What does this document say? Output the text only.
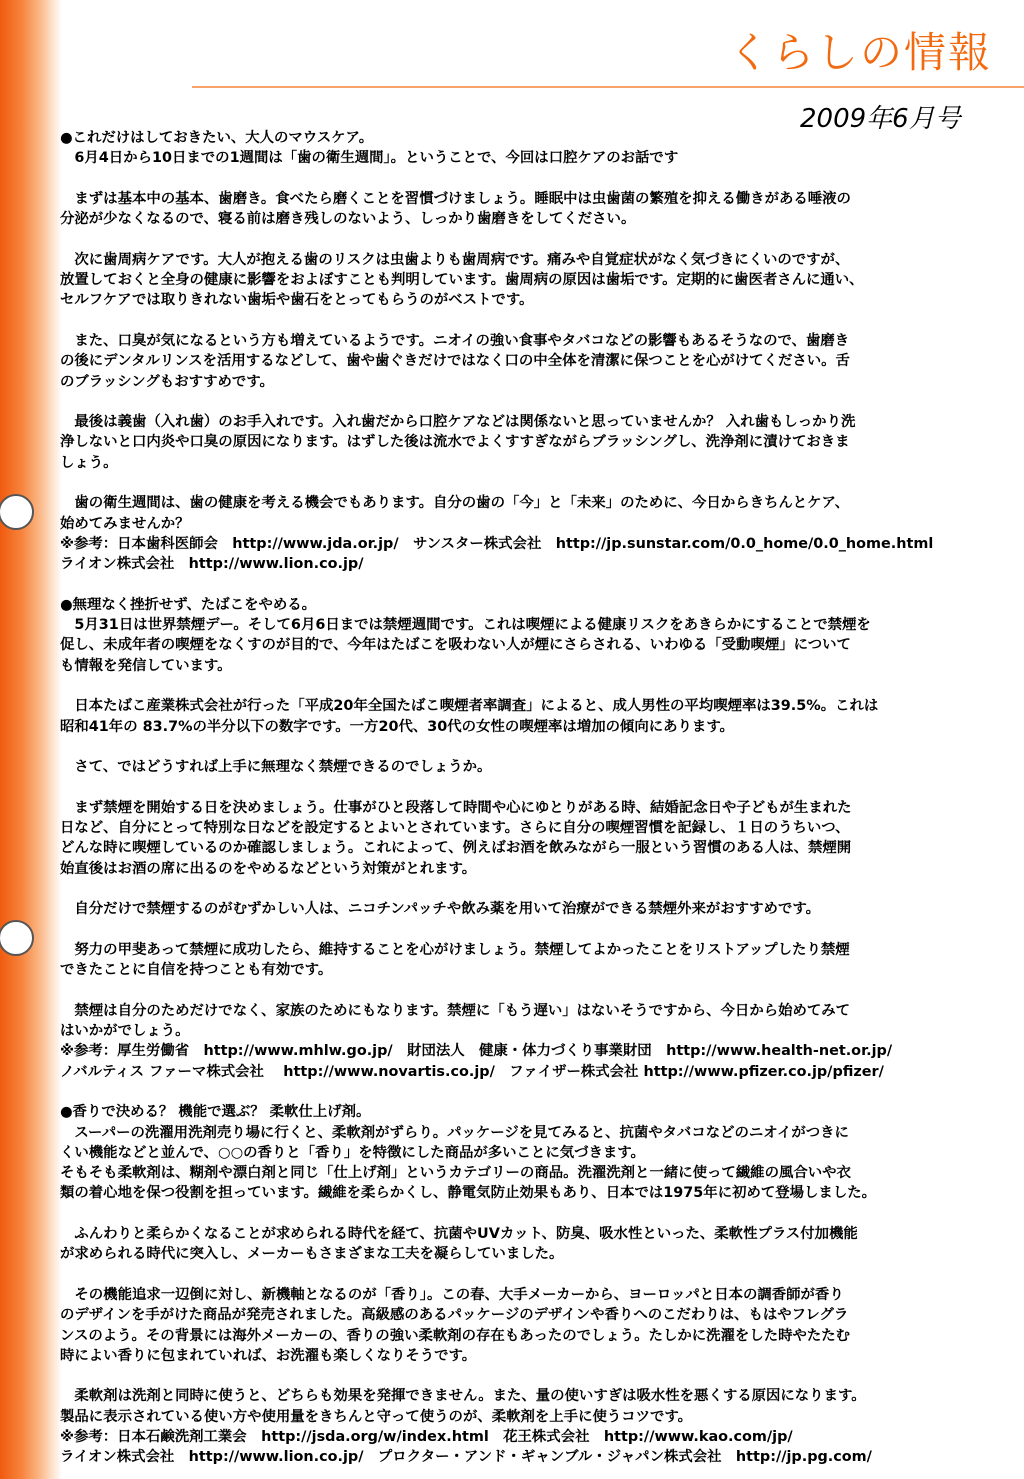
くらしの情報
2009年6月号

●これだけはしておきたい、大人のマウスケア。

　6月4日から10日までの1週間は「歯の衛生週間」。ということで、今回は口腔ケアのお話です

　まずは基本中の基本、歯磨き。食べたら磨くことを習慣づけましょう。睡眠中は虫歯菌の繁殖を抑える働きがある唾液の

分泌が少なくなるので、寝る前は磨き残しのないよう、しっかり歯磨きをしてください。

　次に歯周病ケアです。大人が抱える歯のリスクは虫歯よりも歯周病です。痛みや自覚症状がなく気づきにくいのですが、

放置しておくと全身の健康に影響をおよぼすことも判明しています。歯周病の原因は歯垢です。定期的に歯医者さんに通い、

セルフケアでは取りきれない歯垢や歯石をとってもらうのがベストです。

　また、口臭が気になるという方も増えているようです。ニオイの強い食事やタバコなどの影響もあるそうなので、歯磨き

の後にデンタルリンスを活用するなどして、歯や歯ぐきだけではなく口の中全体を清潔に保つことを心がけてください。舌

のブラッシングもおすすめです。

　最後は義歯（入れ歯）のお手入れです。入れ歯だから口腔ケアなどは関係ないと思っていませんか？ 入れ歯もしっかり洗

浄しないと口内炎や口臭の原因になります。はずした後は流水でよくすすぎながらブラッシングし、洗浄剤に漬けておきま

しょう。

　歯の衛生週間は、歯の健康を考える機会でもあります。自分の歯の「今」と「未来」のために、今日からきちんとケア、

始めてみませんか？

※参考：日本歯科医師会　http://www.jda.or.jp/　サンスター株式会社　http://jp.sunstar.com/0.0_home/0.0_home.html

ライオン株式会社　http://www.lion.co.jp/

●無理なく挫折せず、たばこをやめる。

　5月31日は世界禁煙デー。そして6月6日までは禁煙週間です。これは喫煙による健康リスクをあきらかにすることで禁煙を

促し、未成年者の喫煙をなくすのが目的で、今年はたばこを吸わない人が煙にさらされる、いわゆる「受動喫煙」について

も情報を発信しています。

　日本たばこ産業株式会社が行った「平成20年全国たばこ喫煙者率調査」によると、成人男性の平均喫煙率は39.5%。これは

昭和41年の 83.7%の半分以下の数字です。一方20代、30代の女性の喫煙率は増加の傾向にあります。

　さて、ではどうすれば上手に無理なく禁煙できるのでしょうか。

　まず禁煙を開始する日を決めましょう。仕事がひと段落して時間や心にゆとりがある時、結婚記念日や子どもが生まれた

日など、自分にとって特別な日などを設定するとよいとされています。さらに自分の喫煙習慣を記録し、１日のうちいつ、

どんな時に喫煙しているのか確認しましょう。これによって、例えばお酒を飲みながら一服という習慣のある人は、禁煙開

始直後はお酒の席に出るのをやめるなどという対策がとれます。

　自分だけで禁煙するのがむずかしい人は、ニコチンパッチや飲み薬を用いて治療ができる禁煙外来がおすすめです。

　努力の甲斐あって禁煙に成功したら、維持することを心がけましょう。禁煙してよかったことをリストアップしたり禁煙

できたことに自信を持つことも有効です。

　禁煙は自分のためだけでなく、家族のためにもなります。禁煙に「もう遅い」はないそうですから、今日から始めてみて

はいかがでしょう。

※参考：厚生労働省　http://www.mhlw.go.jp/　財団法人　健康・体力づくり事業財団　http://www.health-net.or.jp/

ノバルティス ファーマ株式会社　 http://www.novartis.co.jp/　ファイザー株式会社 http://www.pfizer.co.jp/pfizer/

●香りで決める？ 機能で選ぶ？ 柔軟仕上げ剤。

　スーパーの洗濯用洗剤売り場に行くと、柔軟剤がずらり。パッケージを見てみると、抗菌やタバコなどのニオイがつきに

くい機能などと並んで、○○の香りと「香り」を特徴にした商品が多いことに気づきます。

そもそも柔軟剤は、糊剤や漂白剤と同じ「仕上げ剤」というカテゴリーの商品。洗濯洗剤と一緒に使って繊維の風合いや衣

類の着心地を保つ役割を担っています。繊維を柔らかくし、静電気防止効果もあり、日本では1975年に初めて登場しました。

　ふんわりと柔らかくなることが求められる時代を経て、抗菌やUVカット、防臭、吸水性といった、柔軟性プラス付加機能

が求められる時代に突入し、メーカーもさまざまな工夫を凝らしていました。

　その機能追求一辺倒に対し、新機軸となるのが「香り」。この春、大手メーカーから、ヨーロッパと日本の調香師が香り

のデザインを手がけた商品が発売されました。高級感のあるパッケージのデザインや香りへのこだわりは、もはやフレグラ

ンスのよう。その背景には海外メーカーの、香りの強い柔軟剤の存在もあったのでしょう。たしかに洗濯をした時やたたむ

時によい香りに包まれていれば、お洗濯も楽しくなりそうです。

　柔軟剤は洗剤と同時に使うと、どちらも効果を発揮できません。また、量の使いすぎは吸水性を悪くする原因になります。

製品に表示されている使い方や使用量をきちんと守って使うのが、柔軟剤を上手に使うコツです。

※参考：日本石鹸洗剤工業会　http://jsda.org/w/index.html　花王株式会社　http://www.kao.com/jp/

ライオン株式会社　http://www.lion.co.jp/　プロクター・アンド・ギャンブル・ジャパン株式会社　http://jp.pg.com/
